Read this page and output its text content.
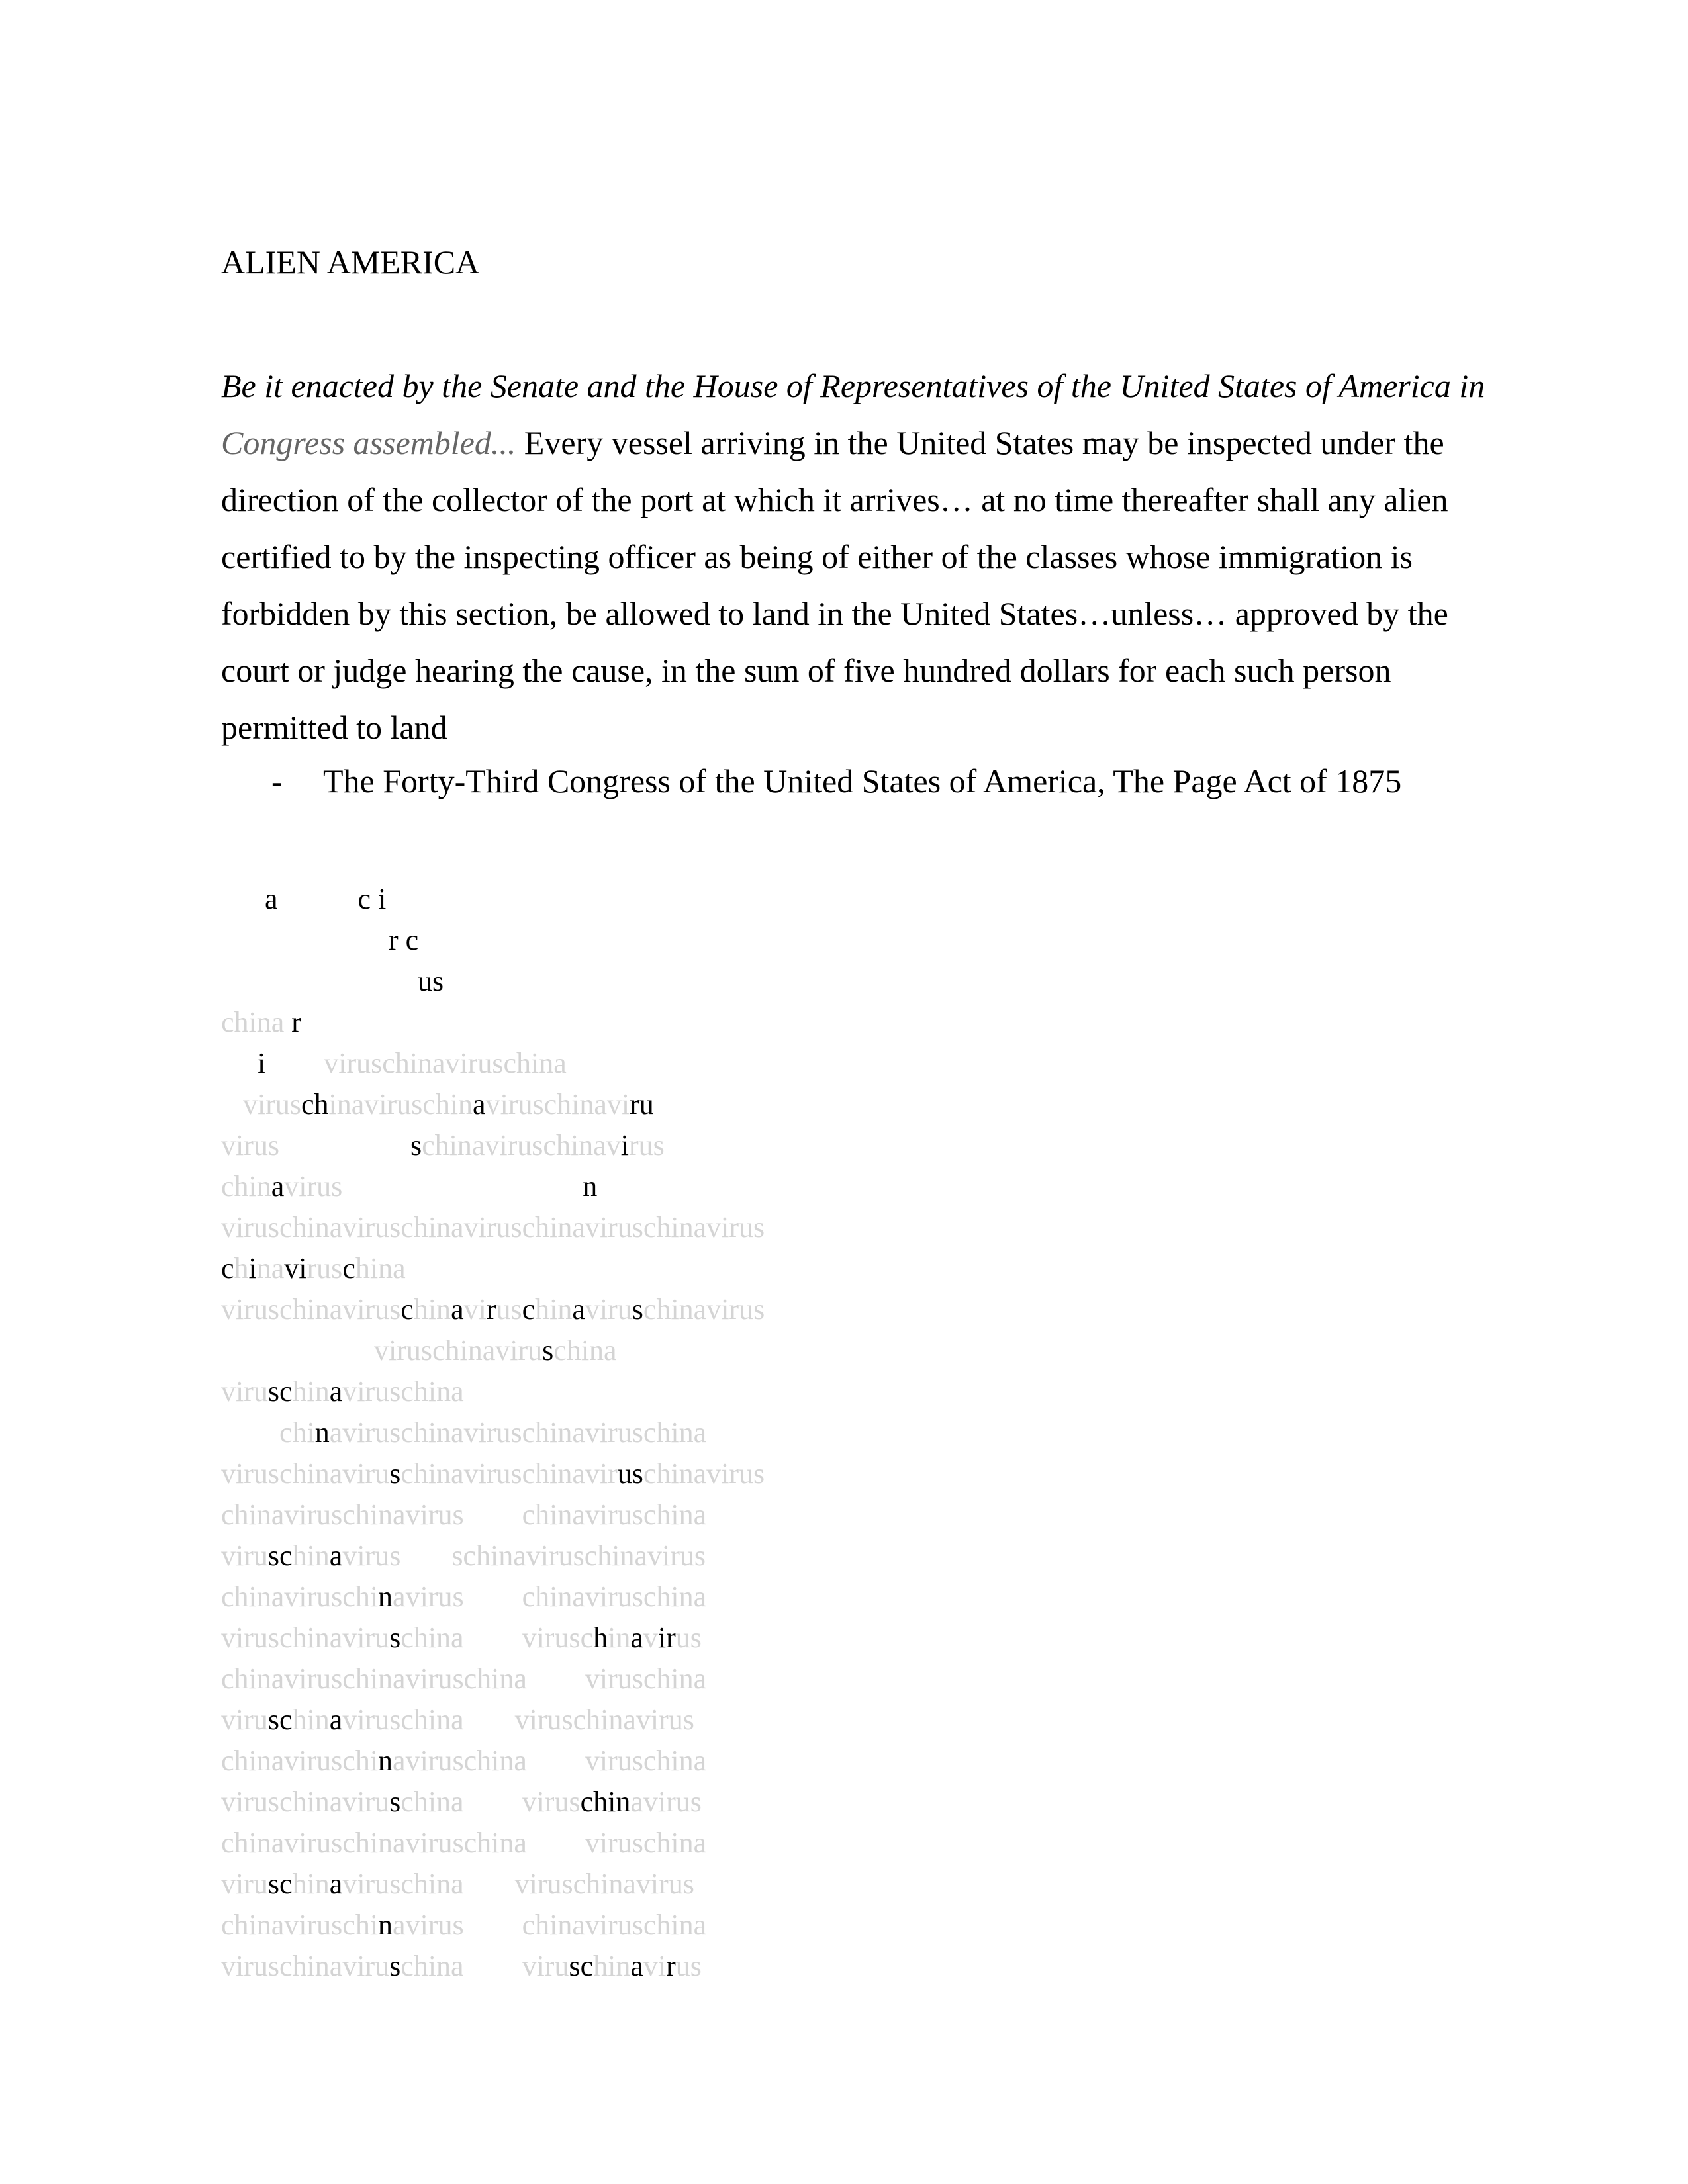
ALIEN AMERICA

Be it enacted by the Senate and the House of Representatives of the United States of America in Congress assembled... Every vessel arriving in the United States may be inspected under the direction of the collector of the port at which it arrives… at no time thereafter shall any alien certified to by the inspecting officer as being of either of the classes whose immigration is forbidden by this section, be allowed to land in the United States…unless… approved by the court or judge hearing the cause, in the sum of five hundred dollars for each such person permitted to land

- The Forty-Third Congress of the United States of America, The Page Act of 1875
a	c i
r c
us
china r
i viruschinaviruschina
viruschinaviruschinaviruschinaviru
virus                  schinaviruschinavirus
chinavirus                                 n
viruschinaviruschinaviruschinaviruschinavirus
chinaviruschina
viruschinaviruschinaviruschinaviruschinavirus
viruschinaviruschina
viruschinaviruschina
chinaviruschinaviruschinaviruschina
viruschinaviruschinaviruschinaviruschinavirus
chinaviruschinavirus        chinaviruschina
viruschinavirus       schinaviruschinavirus
chinaviruschinavirus        chinaviruschina
viruschinaviruschina        viruschinavirus
chinaviruschinaviruschina        viruschina
viruschinaviruschina       viruschinavirus
chinaviruschinaviruschina        viruschina
viruschinaviruschina        viruschinavirus
chinaviruschinaviruschina        viruschina
viruschinaviruschina       viruschinavirus
chinaviruschinavirus        chinaviruschina
viruschinaviruschina        viruschinavirus
